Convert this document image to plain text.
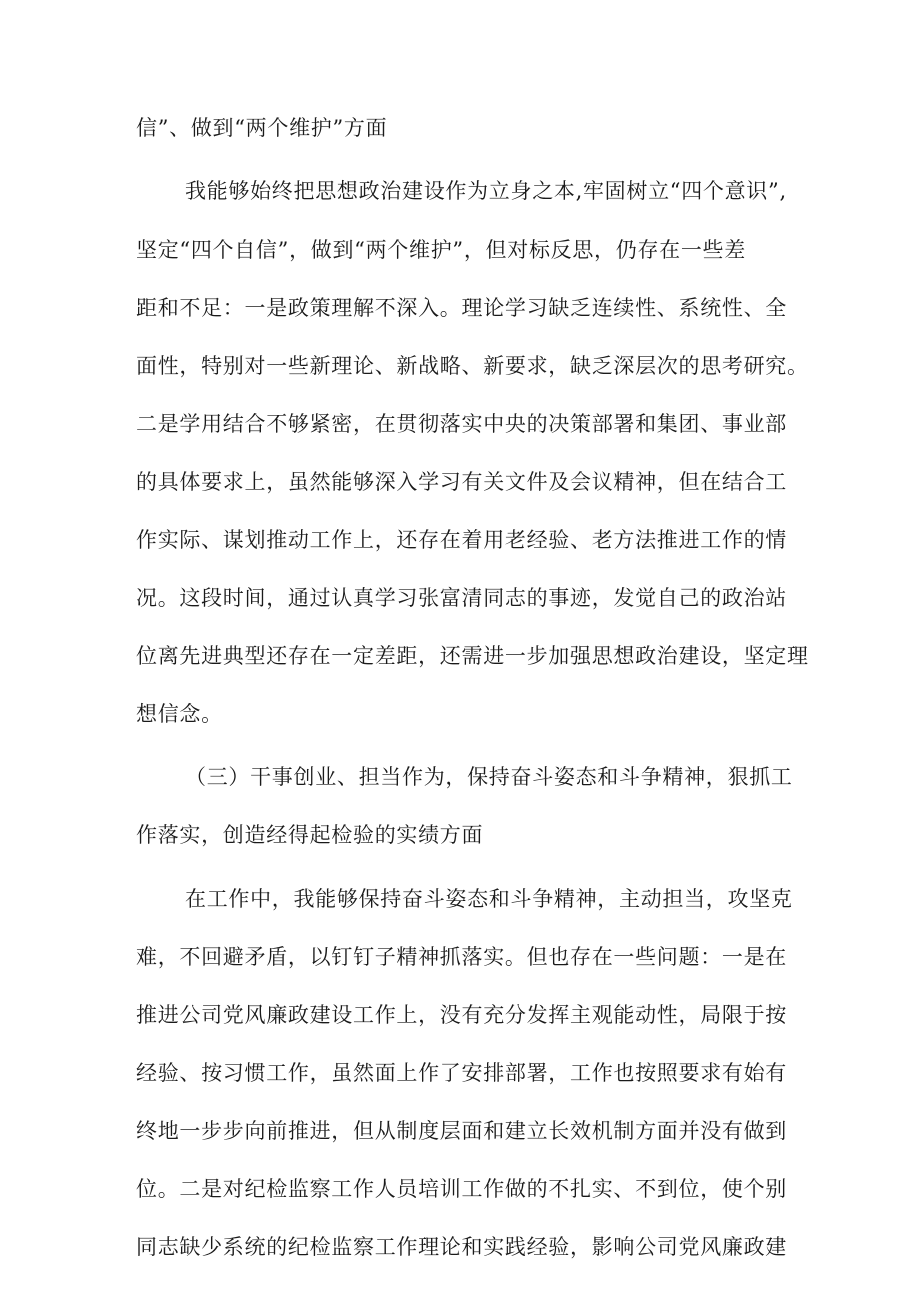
信”、做到“两个维护”方面
我能够始终把思想政治建设作为立身之本,牢固树立“四个意识”,
坚定“四个自信”，做到“两个维护”，但对标反思，仍存在一些差
距和不足：一是政策理解不深入。理论学习缺乏连续性、系统性、全
面性，特别对一些新理论、新战略、新要求，缺乏深层次的思考研究。
二是学用结合不够紧密，在贯彻落实中央的决策部署和集团、事业部
的具体要求上，虽然能够深入学习有关文件及会议精神，但在结合工
作实际、谋划推动工作上，还存在着用老经验、老方法推进工作的情
况。这段时间，通过认真学习张富清同志的事迹，发觉自己的政治站
位离先进典型还存在一定差距，还需进一步加强思想政治建设，坚定理
想信念。
（三）干事创业、担当作为，保持奋斗姿态和斗争精神，狠抓工
作落实，创造经得起检验的实绩方面
在工作中，我能够保持奋斗姿态和斗争精神，主动担当，攻坚克
难，不回避矛盾，以钉钉子精神抓落实。但也存在一些问题：一是在
推进公司党风廉政建设工作上，没有充分发挥主观能动性，局限于按
经验、按习惯工作，虽然面上作了安排部署，工作也按照要求有始有
终地一步步向前推进，但从制度层面和建立长效机制方面并没有做到
位。二是对纪检监察工作人员培训工作做的不扎实、不到位，使个别
同志缺少系统的纪检监察工作理论和实践经验，影响公司党风廉政建
